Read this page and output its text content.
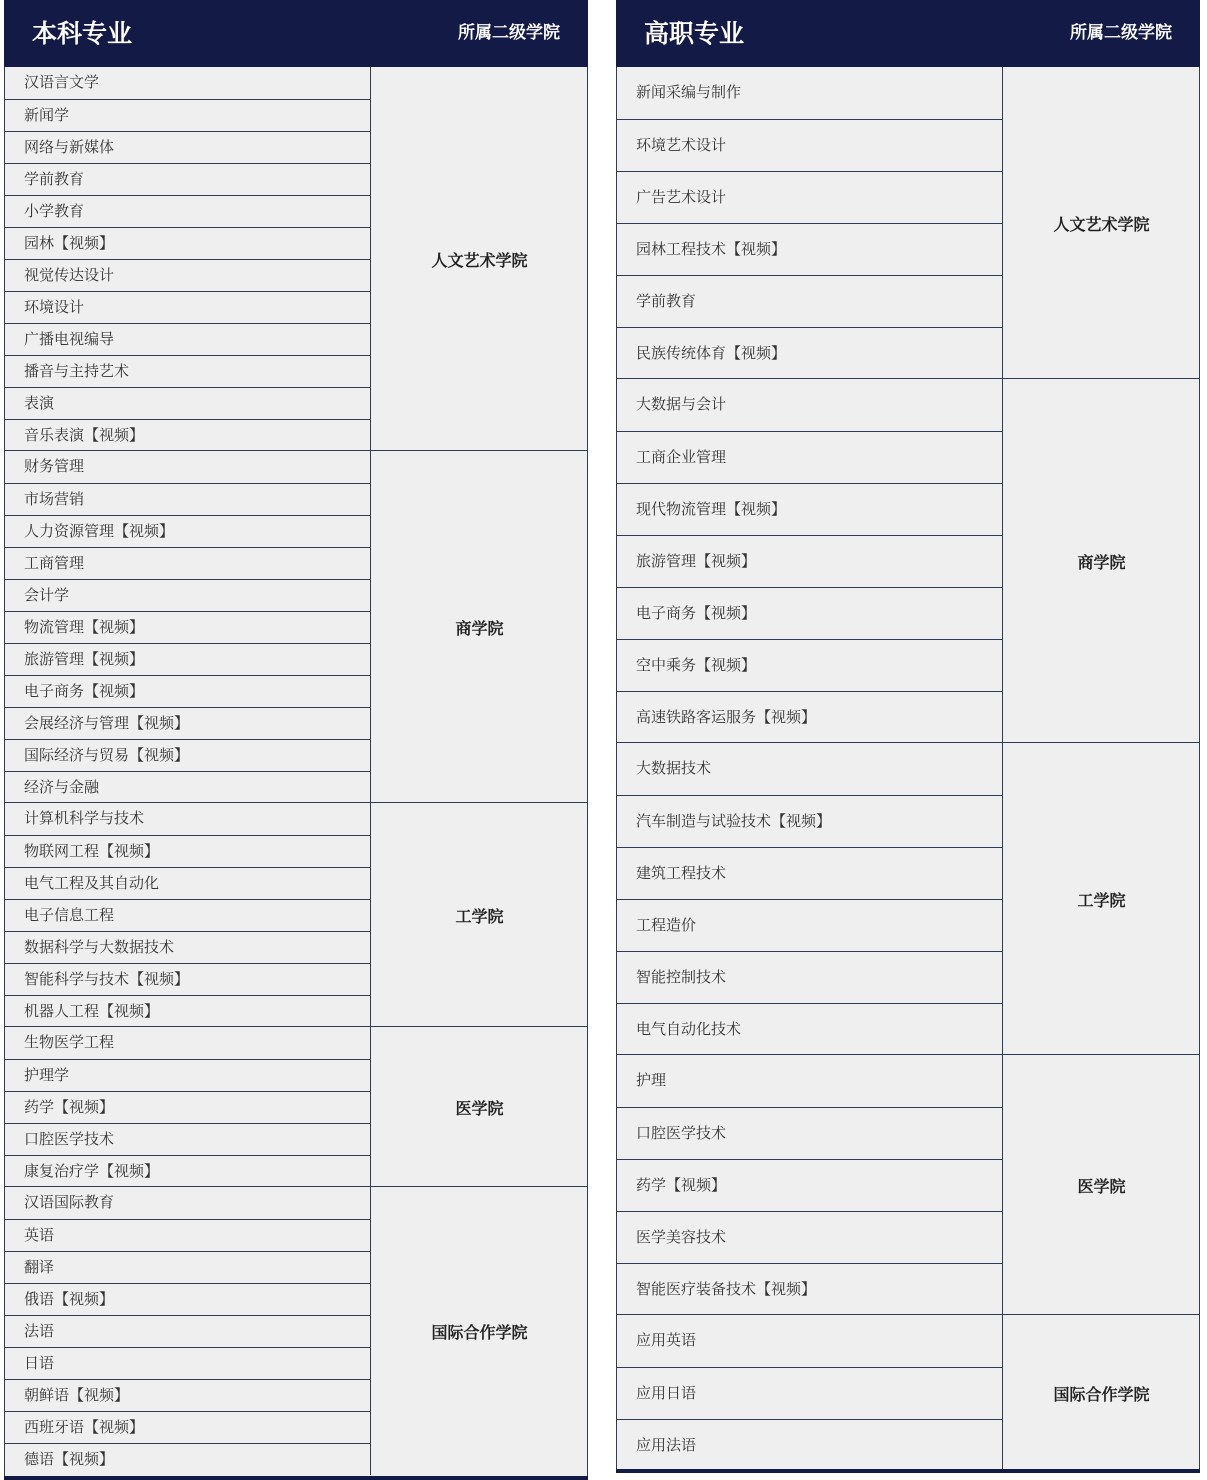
本科专业	所属二级学院
汉语言文学
新闻学
网络与新媒体
学前教育
小学教育
园林【视频】
视觉传达设计
环境设计
广播电视编导
播音与主持艺术
表演
音乐表演【视频】
人文艺术学院
财务管理
市场营销
人力资源管理【视频】
工商管理
会计学
物流管理【视频】
旅游管理【视频】
电子商务【视频】
会展经济与管理【视频】
国际经济与贸易【视频】
经济与金融
商学院
计算机科学与技术
物联网工程【视频】
电气工程及其自动化
电子信息工程
数据科学与大数据技术
智能科学与技术【视频】
机器人工程【视频】
工学院
生物医学工程
护理学
药学【视频】
口腔医学技术
康复治疗学【视频】
医学院
汉语国际教育
英语
翻译
俄语【视频】
法语
日语
朝鲜语【视频】
西班牙语【视频】
德语【视频】
国际合作学院
高职专业	所属二级学院
新闻采编与制作
环境艺术设计
广告艺术设计
园林工程技术【视频】
学前教育
民族传统体育【视频】
人文艺术学院
大数据与会计
工商企业管理
现代物流管理【视频】
旅游管理【视频】
电子商务【视频】
空中乘务【视频】
高速铁路客运服务【视频】
商学院
大数据技术
汽车制造与试验技术【视频】
建筑工程技术
工程造价
智能控制技术
电气自动化技术
工学院
护理
口腔医学技术
药学【视频】
医学美容技术
智能医疗装备技术【视频】
医学院
应用英语
应用日语
应用法语
国际合作学院
